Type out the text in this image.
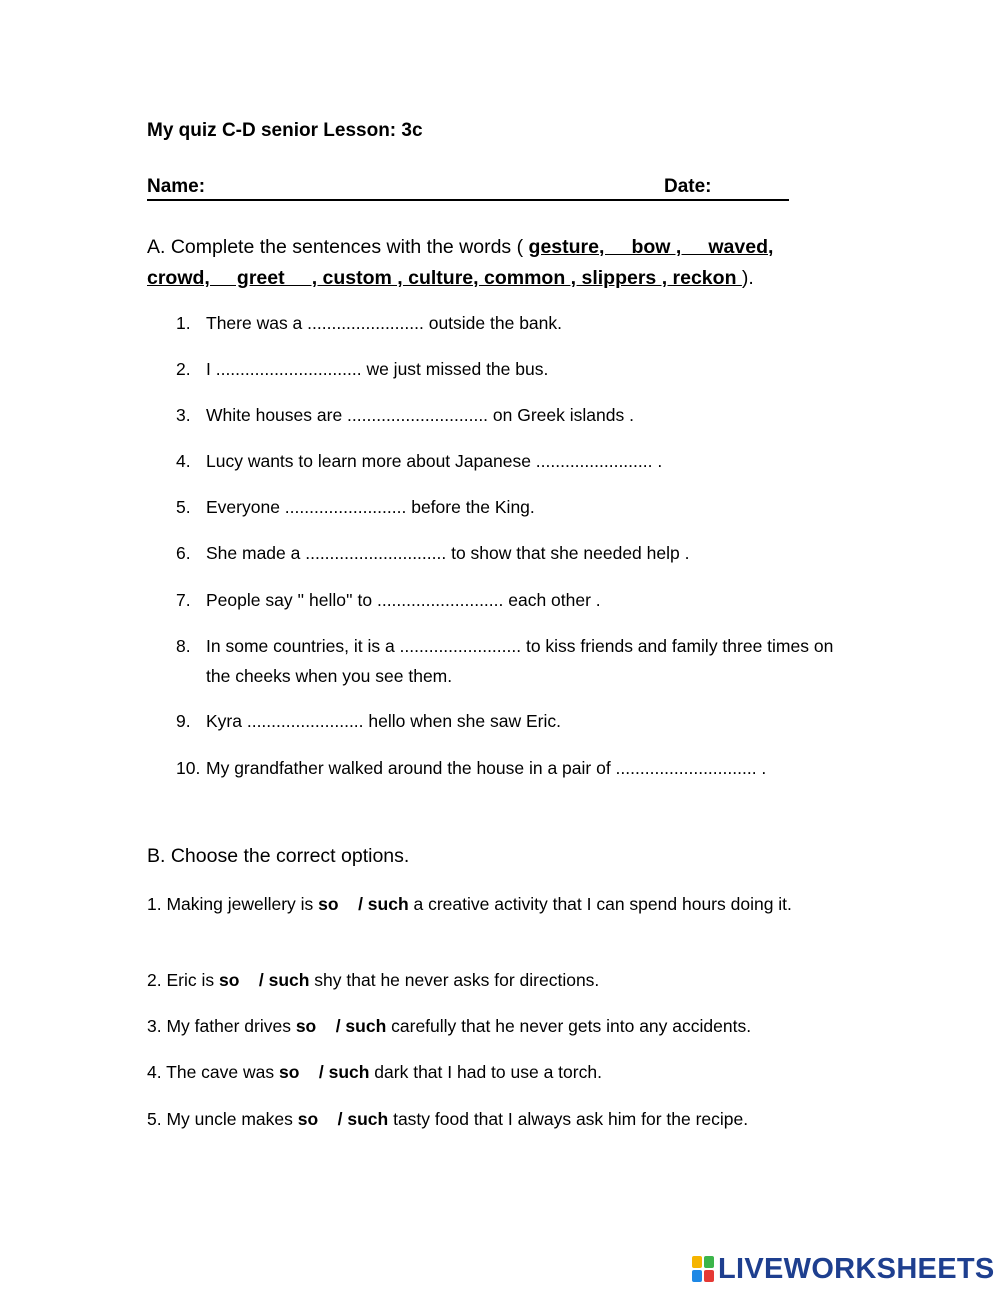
My quiz C-D senior Lesson: 3c
Name:	Date:
A. Complete the sentences with the words ( gesture,     bow ,     waved,
crowd,     greet     , custom , culture, common , slippers , reckon ).
1. There was a ........................ outside the bank.
2. I .............................. we just missed the bus.
3. White houses are ............................. on Greek islands .
4. Lucy wants to learn more about Japanese ........................ .
5. Everyone ......................... before the King.
6. She made a ............................. to show that she needed help .
7. People say '' hello'' to .......................... each other .
8. In some countries, it is a ......................... to kiss friends and family three times on the cheeks when you see them.
9. Kyra ........................ hello when she saw Eric.
10. My grandfather walked around the house in a pair of ............................. .
B. Choose the correct options.
1. Making jewellery is so / such a creative activity that I can spend hours doing it.
2. Eric is so / such shy that he never asks for directions.
3. My father drives so / such carefully that he never gets into any accidents.
4. The cave was so / such dark that I had to use a torch.
5. My uncle makes so / such tasty food that I always ask him for the recipe.
LIVEWORKSHEETS
